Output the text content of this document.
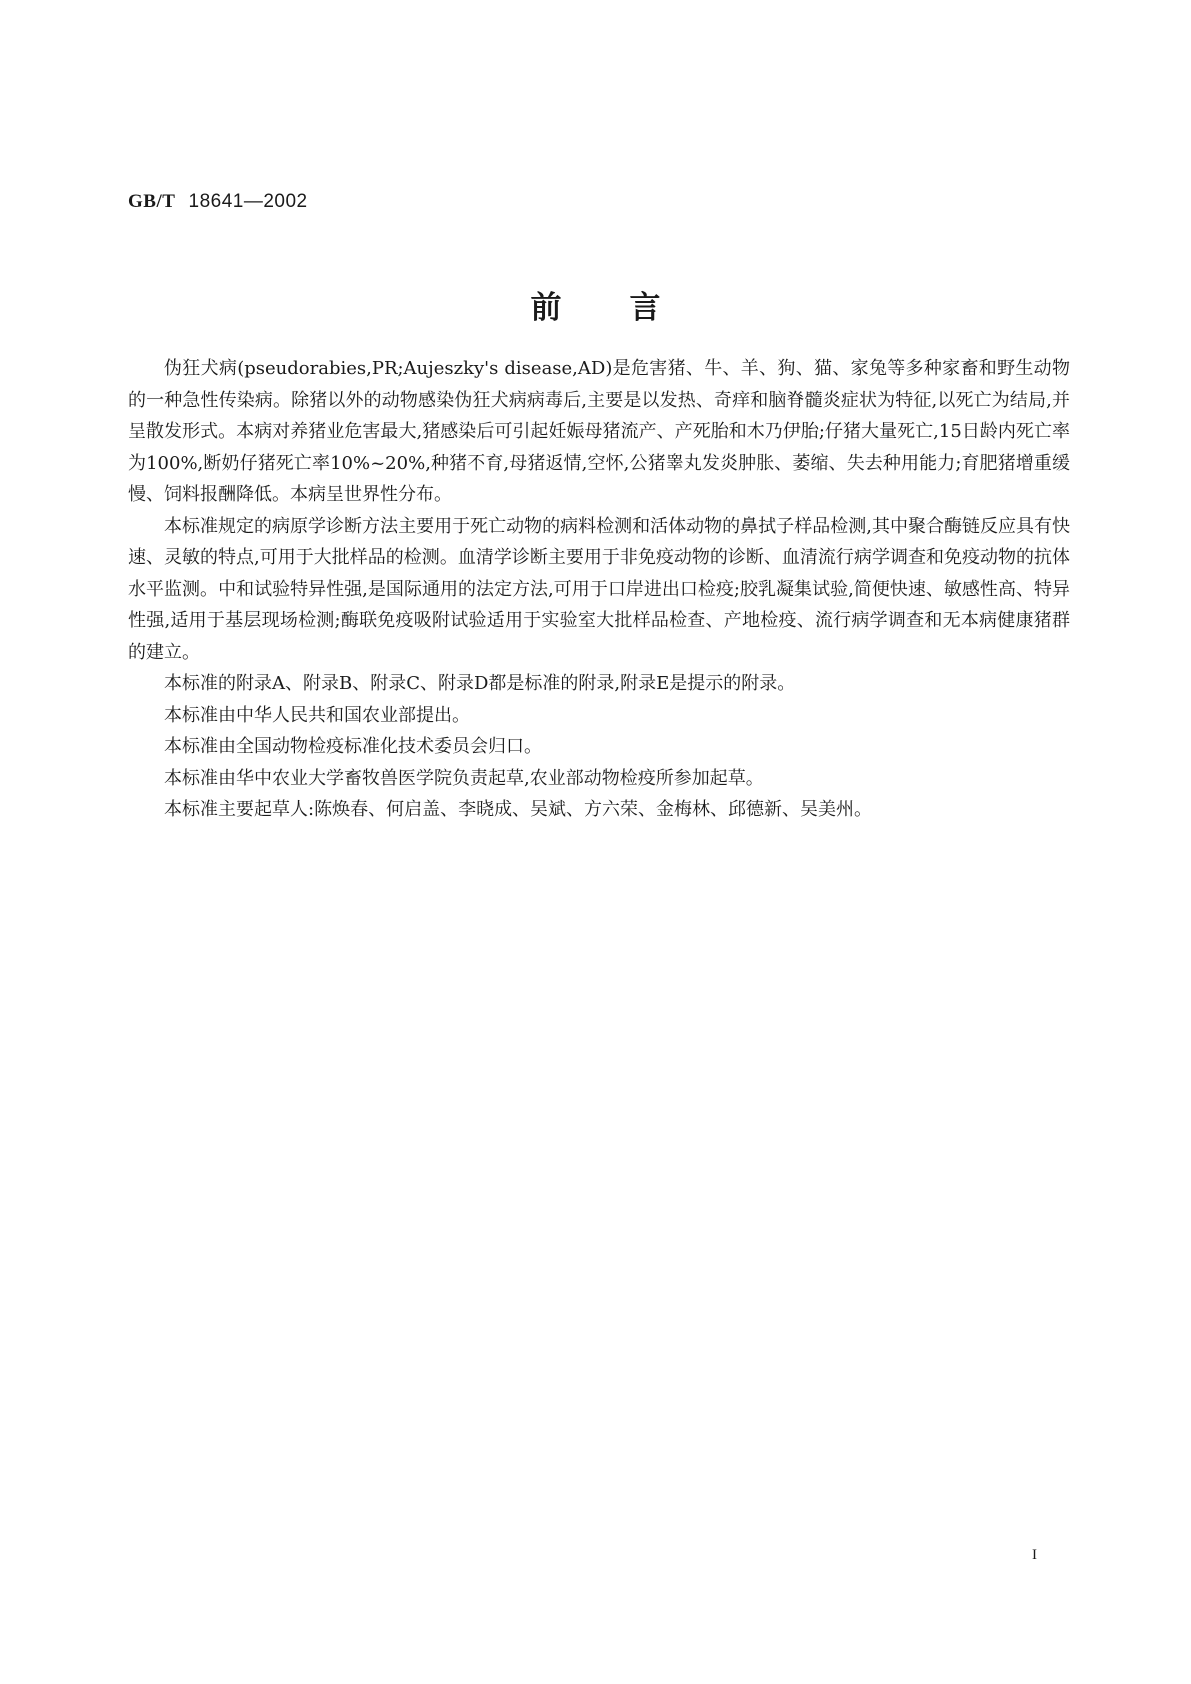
GB/T 18641—2002
前言

伪狂犬病(pseudorabies,PR;Aujeszky's disease,AD)是危害猪、牛、羊、狗、猫、家兔等多种家畜和野生动物的一种急性传染病。除猪以外的动物感染伪狂犬病病毒后,主要是以发热、奇痒和脑脊髓炎症状为特征,以死亡为结局,并呈散发形式。本病对养猪业危害最大,猪感染后可引起妊娠母猪流产、产死胎和木乃伊胎;仔猪大量死亡,15日龄内死亡率为100%,断奶仔猪死亡率10%~20%,种猪不育,母猪返情,空怀,公猪睾丸发炎肿胀、萎缩、失去种用能力;育肥猪增重缓慢、饲料报酬降低。本病呈世界性分布。

本标准规定的病原学诊断方法主要用于死亡动物的病料检测和活体动物的鼻拭子样品检测,其中聚合酶链反应具有快速、灵敏的特点,可用于大批样品的检测。血清学诊断主要用于非免疫动物的诊断、血清流行病学调查和免疫动物的抗体水平监测。中和试验特异性强,是国际通用的法定方法,可用于口岸进出口检疫;胶乳凝集试验,简便快速、敏感性高、特异性强,适用于基层现场检测;酶联免疫吸附试验适用于实验室大批样品检查、产地检疫、流行病学调查和无本病健康猪群的建立。

本标准的附录A、附录B、附录C、附录D都是标准的附录,附录E是提示的附录。

本标准由中华人民共和国农业部提出。

本标准由全国动物检疫标准化技术委员会归口。

本标准由华中农业大学畜牧兽医学院负责起草,农业部动物检疫所参加起草。

本标准主要起草人:陈焕春、何启盖、李晓成、吴斌、方六荣、金梅林、邱德新、吴美州。

I
